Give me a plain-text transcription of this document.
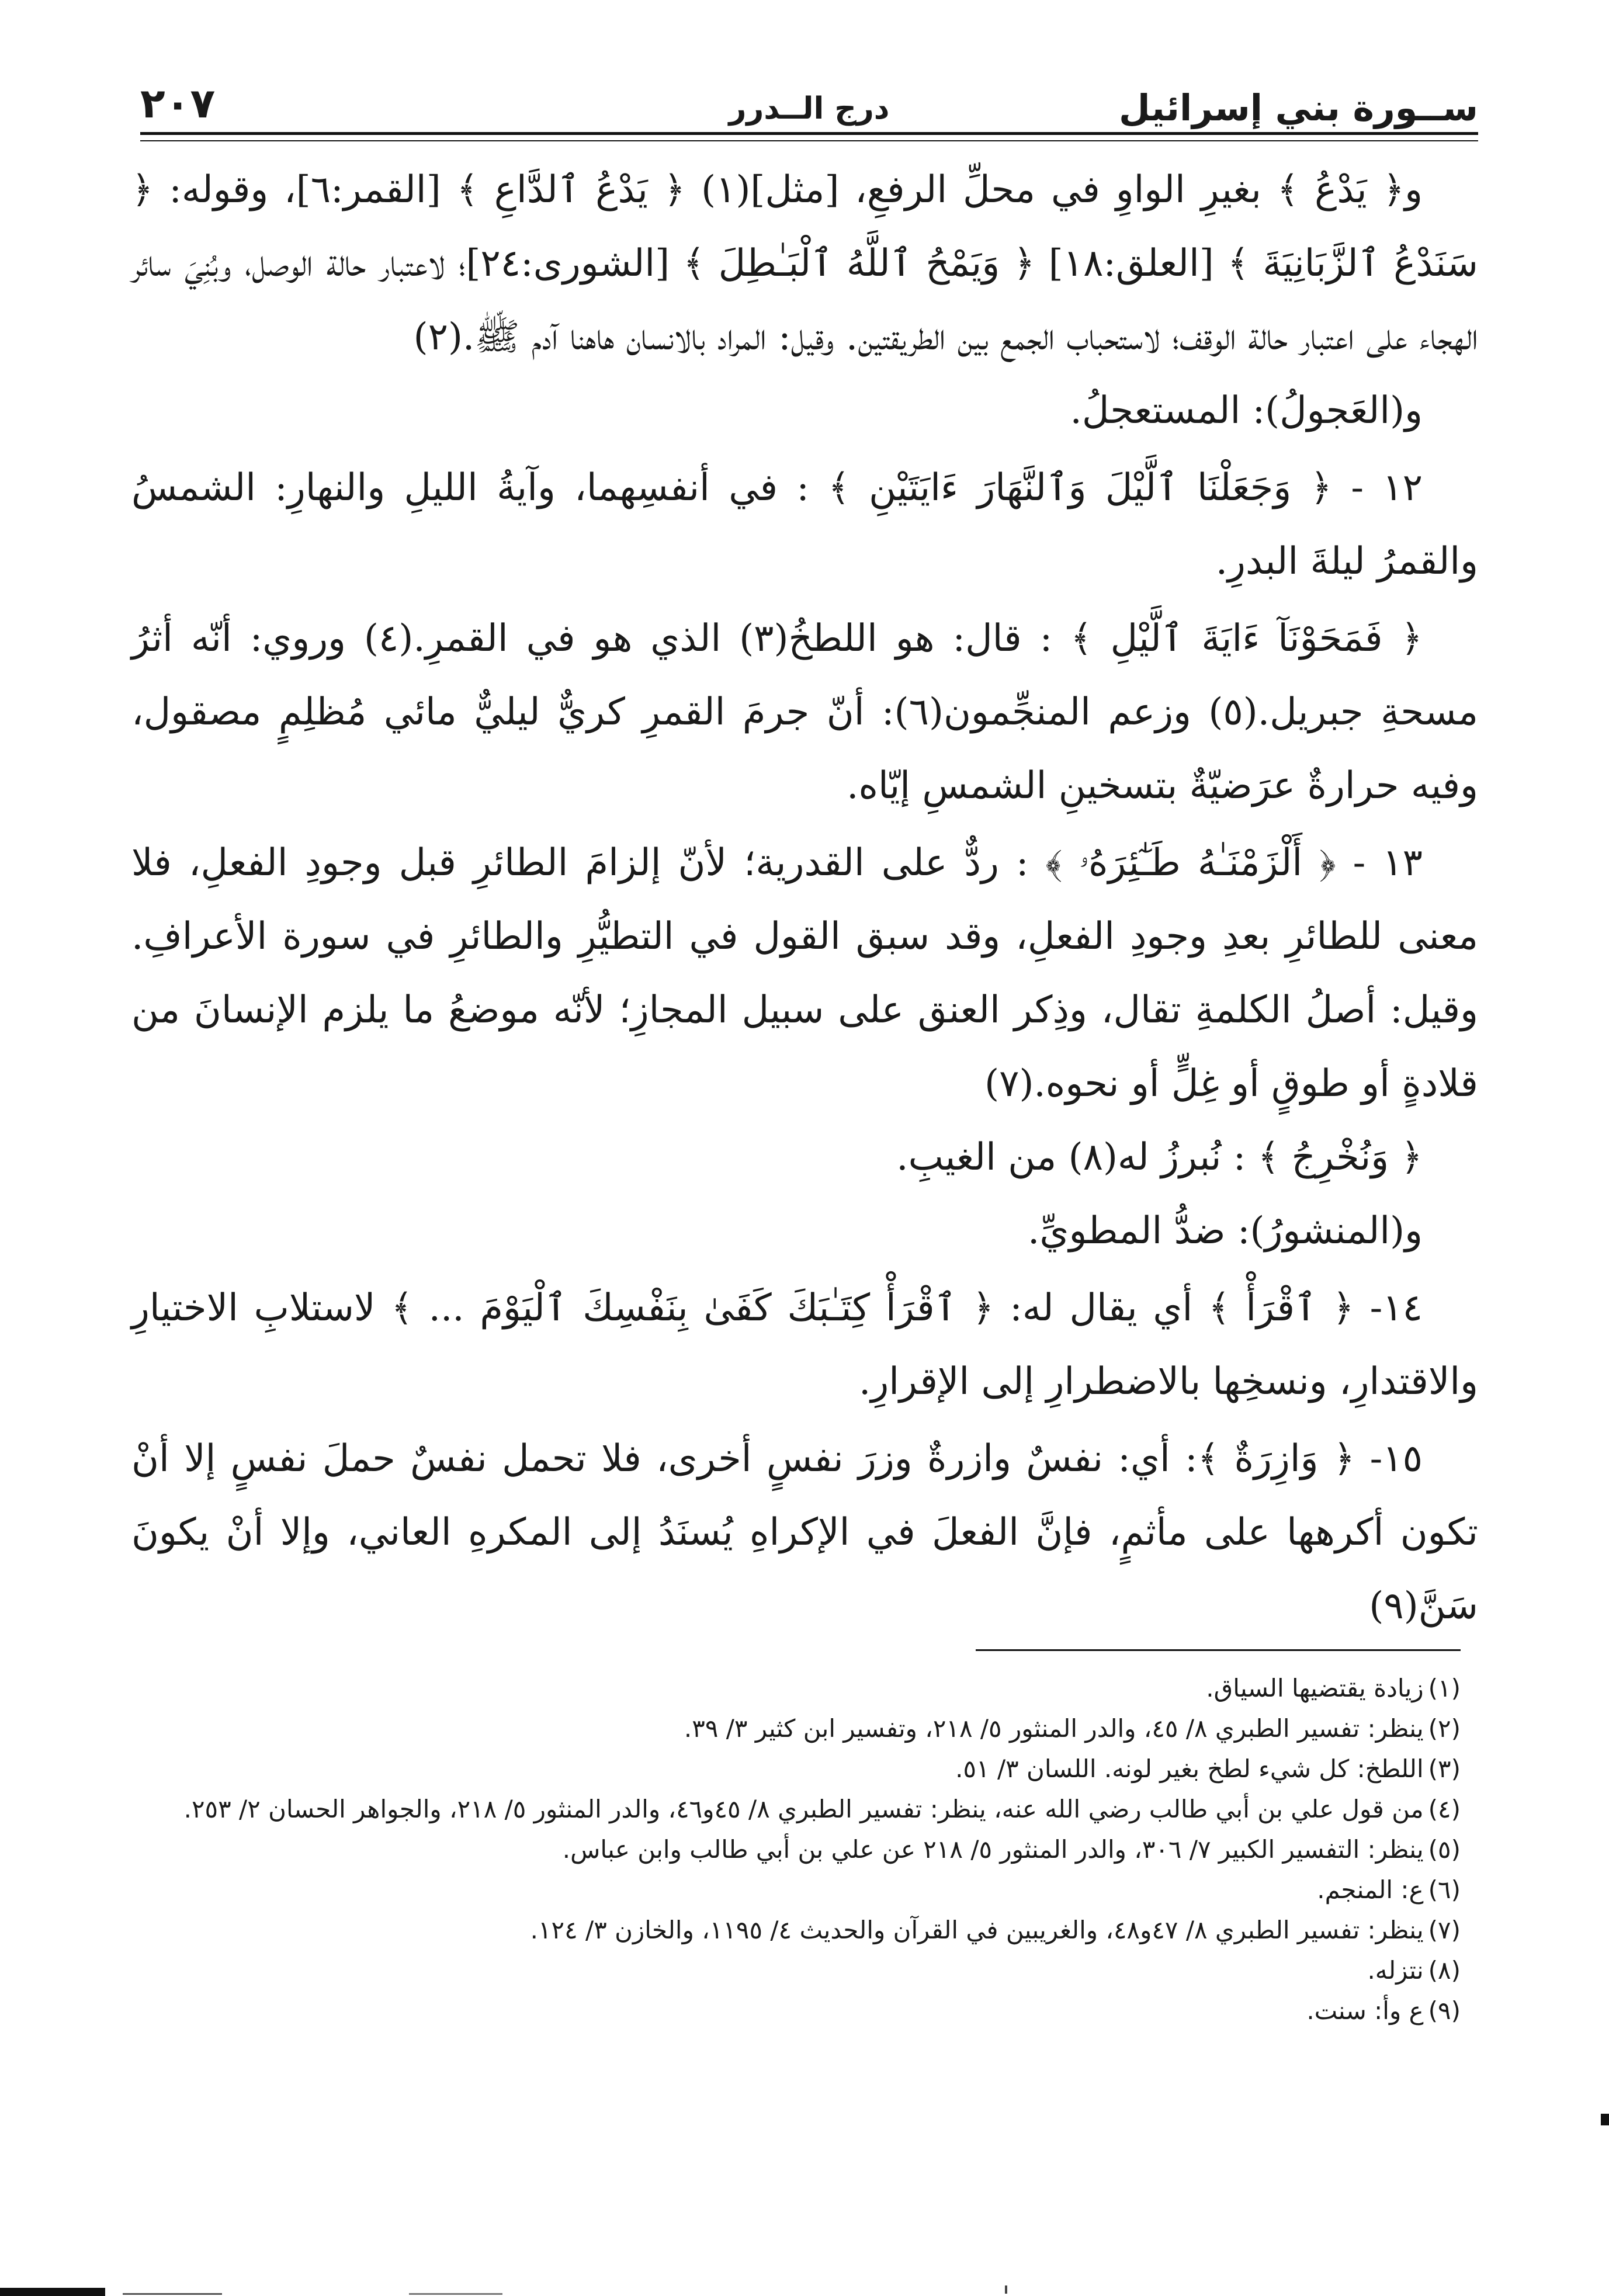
ســورة بني إسرائيل
درج الــدرر
٢٠٧

و﴿ يَدْعُ ﴾ بغيرِ الواوِ في محلِّ الرفعِ، [مثل](١) ﴿ يَدْعُ ٱلدَّاعِ ﴾ [القمر:٦]، وقوله: ﴿ سَنَدْعُ ٱلزَّبَانِيَةَ ﴾ [العلق:١٨] ﴿ وَيَمْحُ ٱللَّهُ ٱلْبَـٰطِلَ ﴾ [الشورى:٢٤]؛ لاعتبار حالة الوصل، وبُنِيَ سائر الهجاء على اعتبار حالة الوقف؛ لاستحباب الجمع بين الطريقتين. وقيل: المراد بالانسان هاهنا آدم ﷺ.(٢)

و(العَجولُ): المستعجلُ.

١٢ - ﴿ وَجَعَلْنَا ٱلَّيْلَ وَٱلنَّهَارَ ءَايَتَيْنِ ﴾ : في أنفسِهما، وآيةُ الليلِ والنهارِ: الشمسُ والقمرُ ليلةَ البدرِ.

﴿ فَمَحَوْنَآ ءَايَةَ ٱلَّيْلِ ﴾ : قال: هو اللطخُ(٣) الذي هو في القمرِ.(٤) وروي: أنّه أثرُ مسحةِ جبريل.(٥) وزعم المنجِّمون(٦): أنّ جرمَ القمرِ كريٌّ ليليٌّ مائي مُظلِمٍ مصقول، وفيه حرارةٌ عرَضيّةٌ بتسخينِ الشمسِ إيّاه.

١٣ - ﴿ أَلْزَمْنَـٰهُ طَـٰٓئِرَهُۥ ﴾ : ردٌّ على القدرية؛ لأنّ إلزامَ الطائرِ قبل وجودِ الفعلِ، فلا معنى للطائرِ بعدِ وجودِ الفعلِ، وقد سبق القول في التطيُّرِ والطائرِ في سورة الأعرافِ. وقيل: أصلُ الكلمةِ تقال، وذِكر العنق على سبيل المجازِ؛ لأنّه موضعُ ما يلزم الإنسانَ من قلادةٍ أو طوقٍ أو غِلٍّ أو نحوه.(٧)

﴿ وَنُخْرِجُ ﴾ : نُبرزُ له(٨) من الغيبِ.

و(المنشورُ): ضدُّ المطويِّ.

١٤- ﴿ ٱقْرَأْ ﴾ أي يقال له: ﴿ ٱقْرَأْ كِتَـٰبَكَ كَفَىٰ بِنَفْسِكَ ٱلْيَوْمَ ... ﴾ لاستلابِ الاختيارِ والاقتدارِ، ونسخِها بالاضطرارِ إلى الإقرارِ.

١٥- ﴿ وَازِرَةٌ ﴾: أي: نفسٌ وازرةٌ وزرَ نفسٍ أخرى، فلا تحمل نفسٌ حملَ نفسٍ إلا أنْ تكون أكرهها على مأثمٍ، فإنَّ الفعلَ في الإكراهِ يُسنَدُ إلى المكرهِ العاني، وإلا أنْ يكونَ سَنَّ(٩)

(١)زيادة يقتضيها السياق.

(٢)ينظر: تفسير الطبري ٨/ ٤٥، والدر المنثور ٥/ ٢١٨، وتفسير ابن كثير ٣/ ٣٩.

(٣)اللطخ: كل شيء لطخ بغير لونه. اللسان ٣/ ٥١.

(٤)من قول علي بن أبي طالب رضي الله عنه، ينظر: تفسير الطبري ٨/ ٤٥و٤٦، والدر المنثور ٥/ ٢١٨، والجواهر الحسان ٢/ ٢٥٣.

(٥)ينظر: التفسير الكبير ٧/ ٣٠٦، والدر المنثور ٥/ ٢١٨ عن علي بن أبي طالب وابن عباس.

(٦)ع: المنجم.

(٧)ينظر: تفسير الطبري ٨/ ٤٧و٤٨، والغريبين في القرآن والحديث ٤/ ١١٩٥، والخازن ٣/ ١٢٤.

(٨)نتزله.

(٩)ع وأ: سنت.
